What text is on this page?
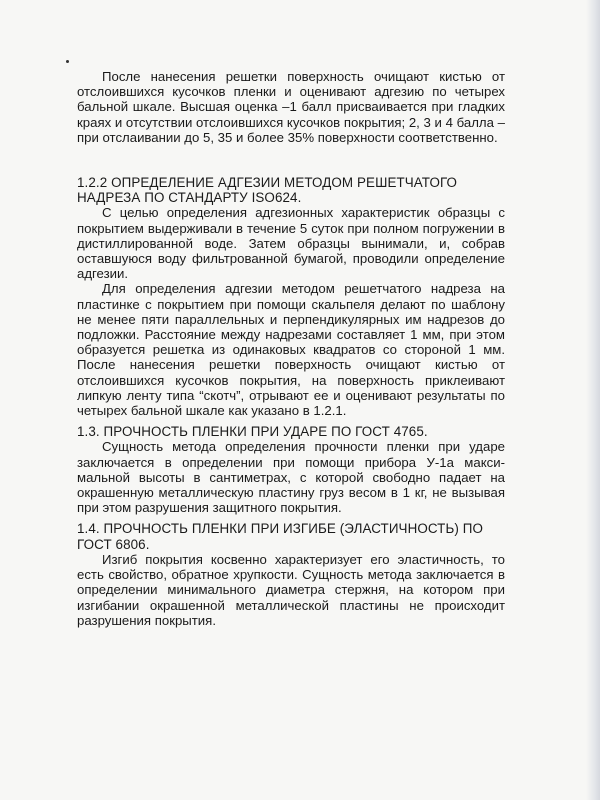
После нанесения решетки поверхность очищают кистью от отслоившихся кусочков пленки и оценивают адгезию по четырех бальной шкале. Высшая оценка –1 балл присваивается при гладких краях и отсутствии отслоившихся кусочков покрытия; 2, 3 и 4 балла – при отслаивании до 5, 35 и более 35% поверхности соответственно.

1.2.2 ОПРЕДЕЛЕНИЕ АДГЕЗИИ МЕТОДОМ РЕШЕТЧАТОГО НАДРЕЗА ПО СТАНДАРТУ ISO624.

С целью определения адгезионных характеристик образцы с покрытием выдерживали в течение 5 суток при полном погружении в дистиллированной воде. Затем образцы вынимали, и, собрав оставшуюся воду фильтрованной бумагой, проводили определение адгезии.

Для определения адгезии методом решетчатого надреза на пластинке с покрытием при помощи скальпеля делают по шаблону не менее пяти параллельных и перпендикулярных им надрезов до подложки. Расстояние между надрезами составляет 1 мм, при этом образуется решетка из одинаковых квадратов со стороной 1 мм. После нанесения решетки поверхность очищают кистью от отслоившихся кусочков покрытия, на поверхность приклеивают липкую ленту типа “скотч”, отрывают ее и оценивают результаты по четырех бальной шкале как указано в 1.2.1.

1.3. ПРОЧНОСТЬ ПЛЕНКИ ПРИ УДАРЕ ПО ГОСТ 4765.

Сущность метода определения прочности пленки при ударе заключается в определении при помощи прибора У-1а максимальной высоты в сантиметрах, с которой свободно падает на окрашенную металлическую пластину груз весом в 1 кг, не вызывая при этом разрушения защитного покрытия.

1.4. ПРОЧНОСТЬ ПЛЕНКИ ПРИ ИЗГИБЕ (ЭЛАСТИЧНОСТЬ) ПО ГОСТ 6806.

Изгиб покрытия косвенно характеризует его эластичность, то есть свойство, обратное хрупкости. Сущность метода заключается в определении минимального диаметра стержня, на котором при изгибании окрашенной металлической пластины не происходит разрушения покрытия.
